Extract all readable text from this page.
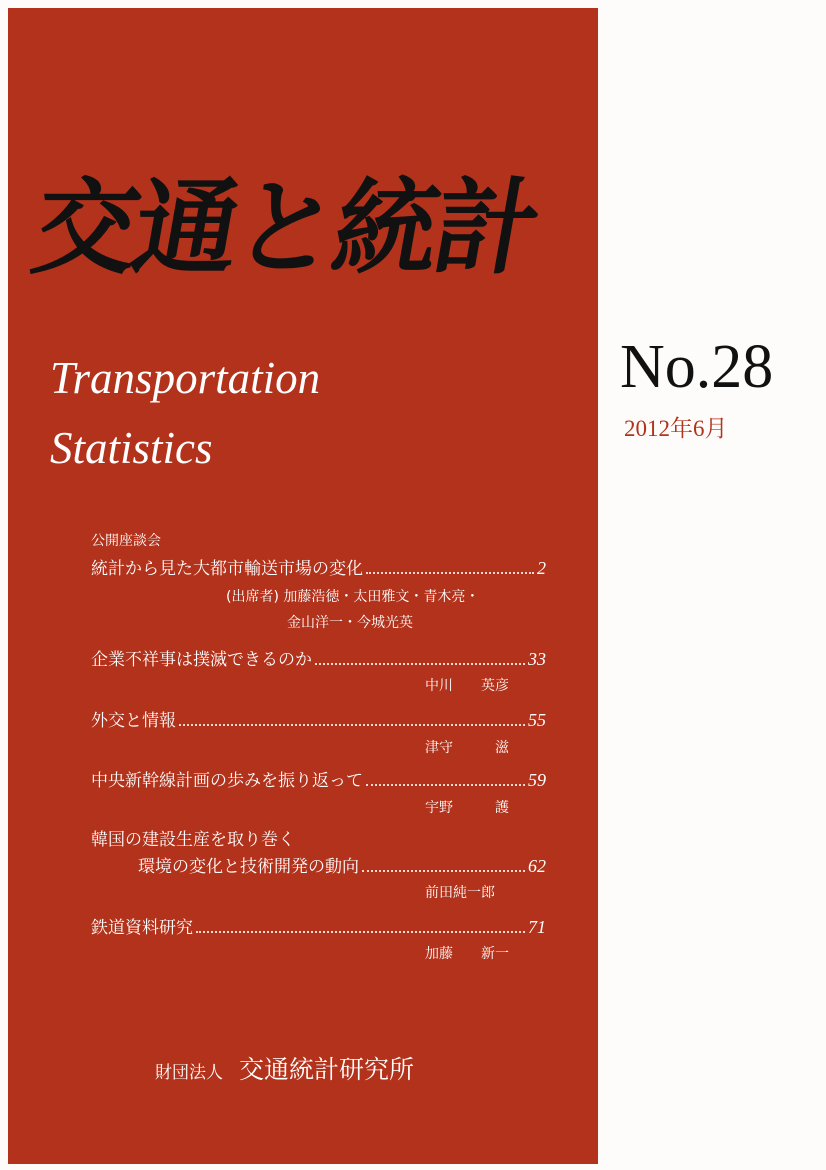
交通と統計
Transportation
Statistics
No.28
2012年6月
公開座談会
統計から見た大都市輸送市場の変化	2
(出席者) 加藤浩徳・太田雅文・青木亮・
金山洋一・今城光英
企業不祥事は撲滅できるのか	33
中川 英彦
外交と情報	55
津守	滋
中央新幹線計画の歩みを振り返って	59
宇野	護
韓国の建設生産を取り巻く
環境の変化と技術開発の動向	62
前田純一郎
鉄道資料研究	71
加藤 新一
財団法人 交通統計研究所
